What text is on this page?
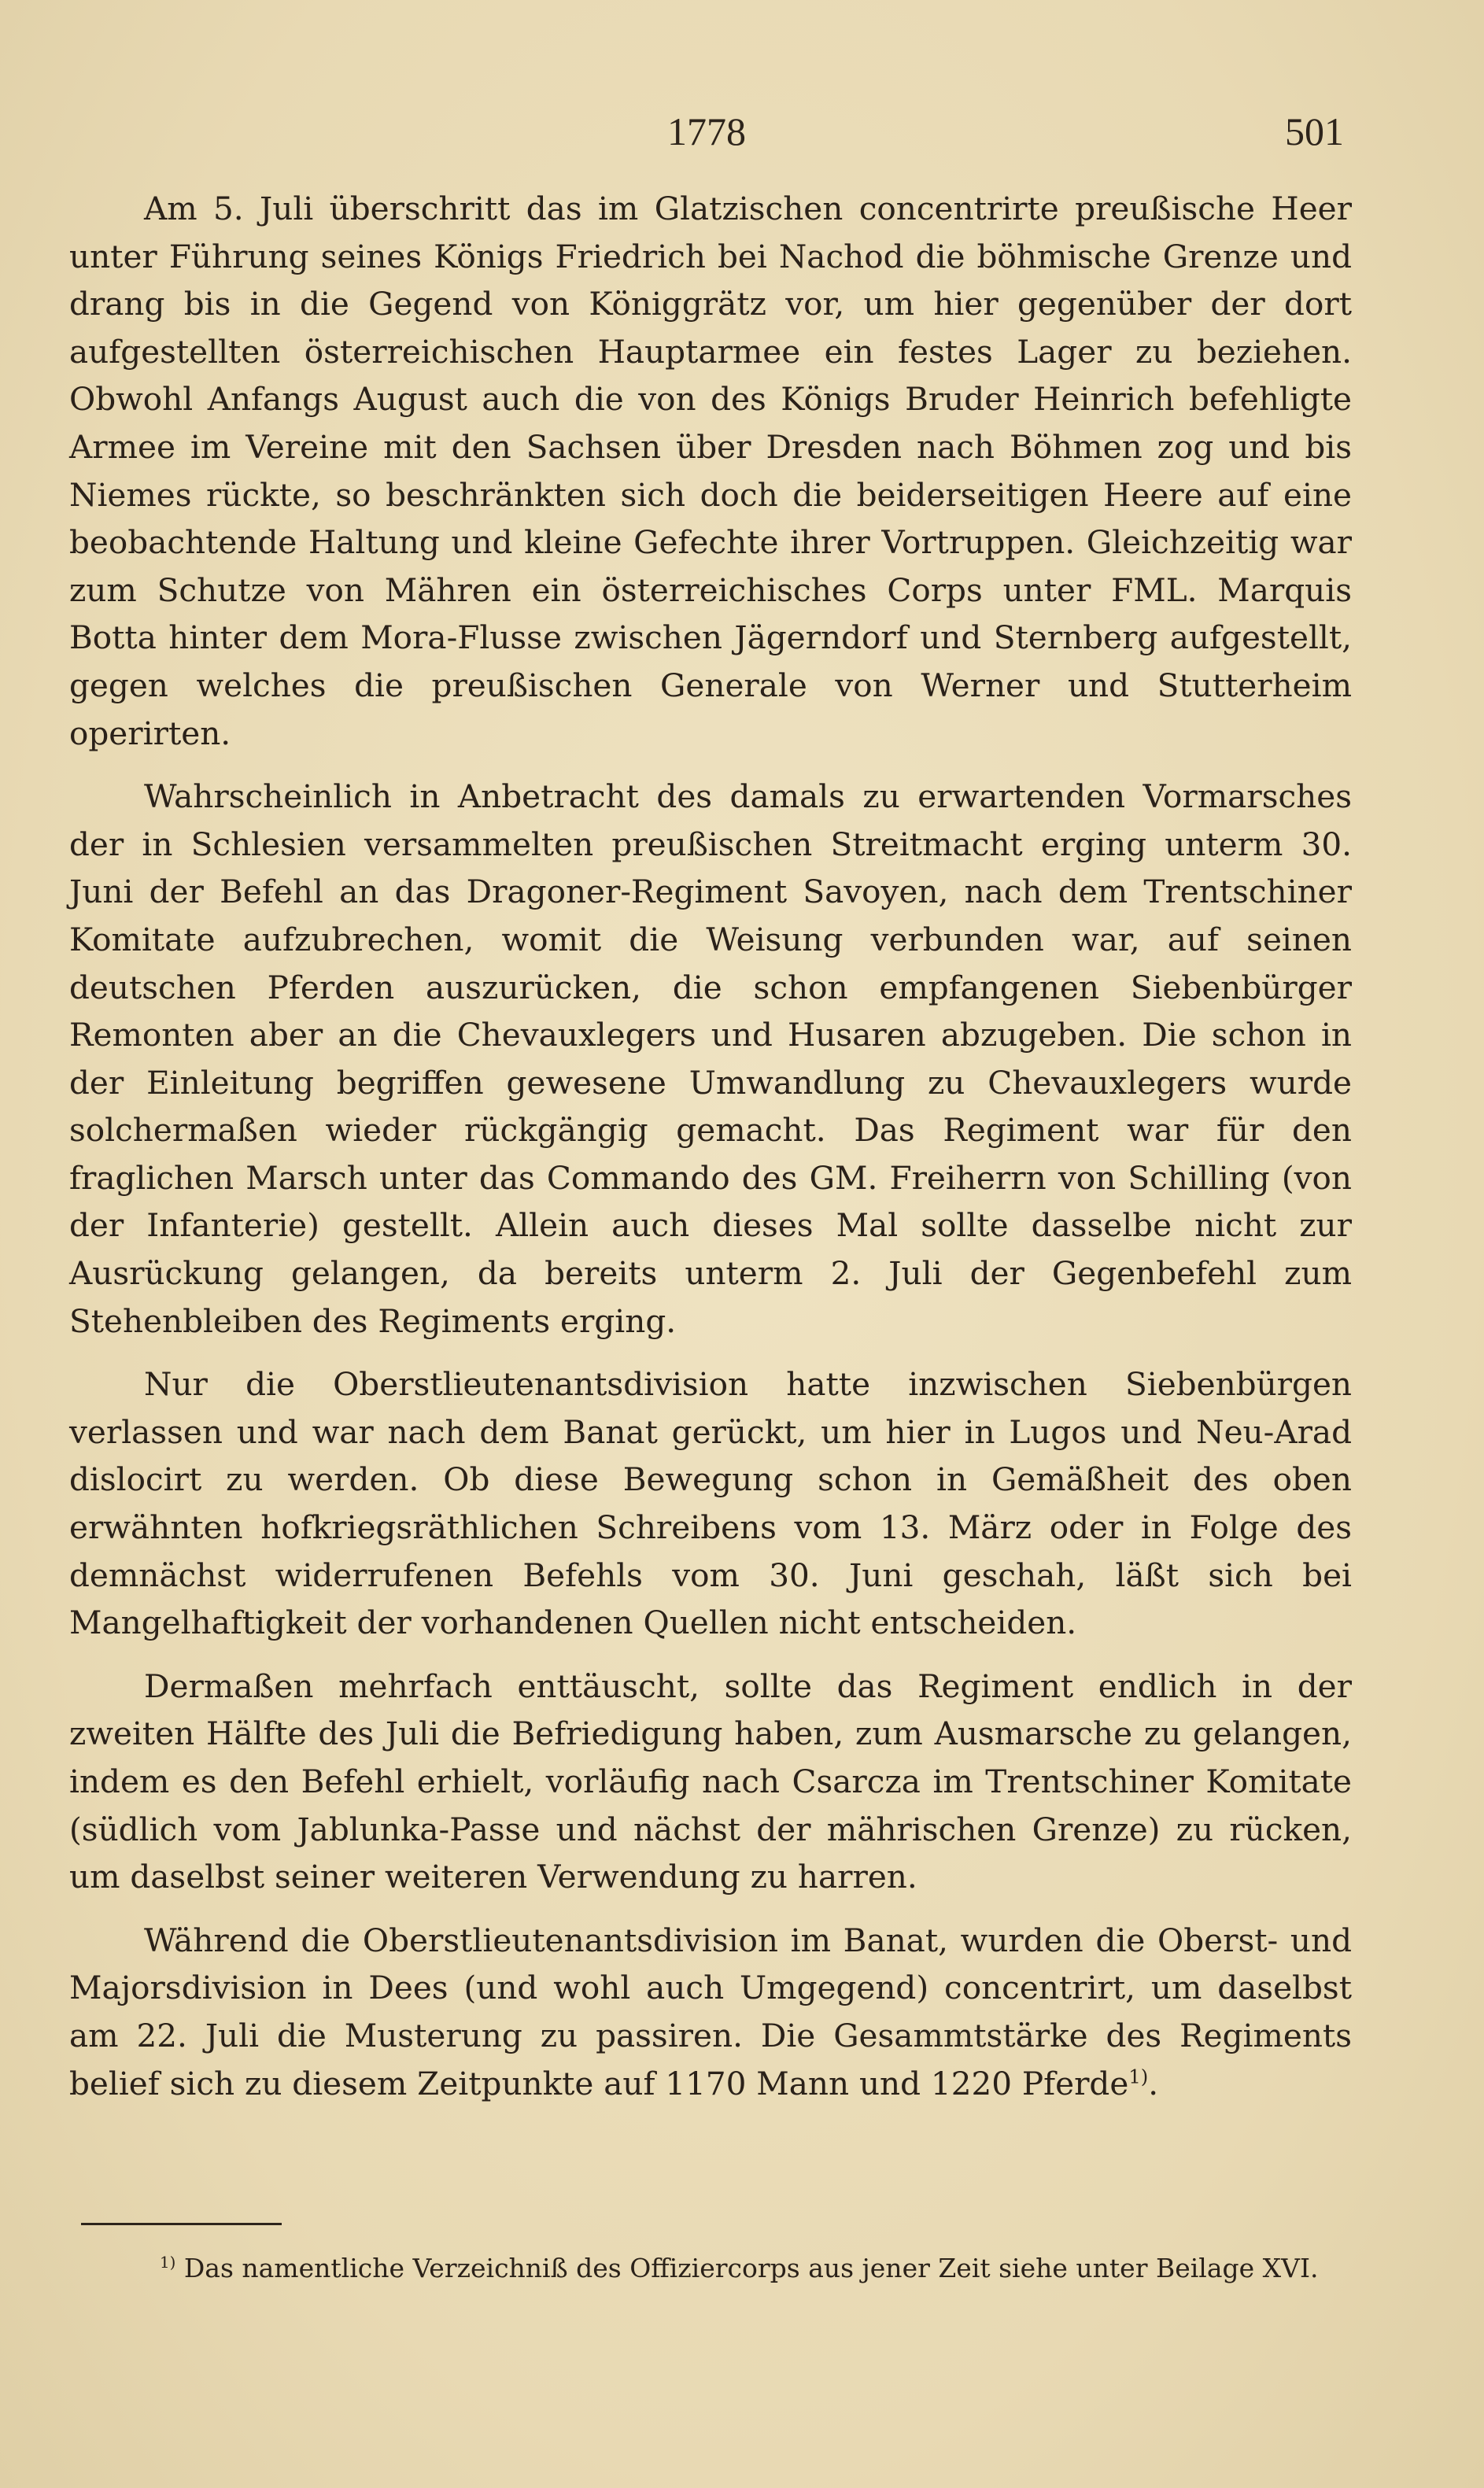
1778	501

Am 5. Juli überschritt das im Glatzischen concentrirte preußische Heer unter Führung seines Königs Friedrich bei Nachod die böhmische Grenze und drang bis in die Gegend von Königgrätz vor, um hier gegenüber der dort aufgestellten österreichischen Hauptarmee ein festes Lager zu beziehen. Obwohl Anfangs August auch die von des Königs Bruder Heinrich befehligte Armee im Vereine mit den Sachsen über Dresden nach Böhmen zog und bis Niemes rückte, so beschränkten sich doch die beiderseitigen Heere auf eine beobachtende Haltung und kleine Gefechte ihrer Vortruppen. Gleichzeitig war zum Schutze von Mähren ein österreichisches Corps unter FML. Marquis Botta hinter dem Mora-Flusse zwischen Jägerndorf und Sternberg aufgestellt, gegen welches die preußischen Generale von Werner und Stutterheim operirten.

Wahrscheinlich in Anbetracht des damals zu erwartenden Vormarsches der in Schlesien versammelten preußischen Streitmacht erging unterm 30. Juni der Befehl an das Dragoner-Regiment Savoyen, nach dem Trentschiner Komitate aufzubrechen, womit die Weisung verbunden war, auf seinen deutschen Pferden auszurücken, die schon empfangenen Siebenbürger Remonten aber an die Chevauxlegers und Husaren abzugeben. Die schon in der Einleitung begriffen gewesene Umwandlung zu Chevauxlegers wurde solchermaßen wieder rückgängig gemacht. Das Regiment war für den fraglichen Marsch unter das Commando des GM. Freiherrn von Schilling (von der Infanterie) gestellt. Allein auch dieses Mal sollte dasselbe nicht zur Ausrückung gelangen, da bereits unterm 2. Juli der Gegenbefehl zum Stehenbleiben des Regiments erging.

Nur die Oberstlieutenantsdivision hatte inzwischen Siebenbürgen verlassen und war nach dem Banat gerückt, um hier in Lugos und Neu-Arad dislocirt zu werden. Ob diese Bewegung schon in Gemäßheit des oben erwähnten hofkriegsräthlichen Schreibens vom 13. März oder in Folge des demnächst widerrufenen Befehls vom 30. Juni geschah, läßt sich bei Mangelhaftigkeit der vorhandenen Quellen nicht entscheiden.

Dermaßen mehrfach enttäuscht, sollte das Regiment endlich in der zweiten Hälfte des Juli die Befriedigung haben, zum Ausmarsche zu gelangen, indem es den Befehl erhielt, vorläufig nach Csarcza im Trentschiner Komitate (südlich vom Jablunka-Passe und nächst der mährischen Grenze) zu rücken, um daselbst seiner weiteren Verwendung zu harren.

Während die Oberstlieutenantsdivision im Banat, wurden die Oberst- und Majorsdivision in Dees (und wohl auch Umgegend) concentrirt, um daselbst am 22. Juli die Musterung zu passiren. Die Gesammtstärke des Regiments belief sich zu diesem Zeitpunkte auf 1170 Mann und 1220 Pferde$^{1)}$.

$^{1)}$ Das namentliche Verzeichniß des Offiziercorps aus jener Zeit siehe unter Beilage XVI.
